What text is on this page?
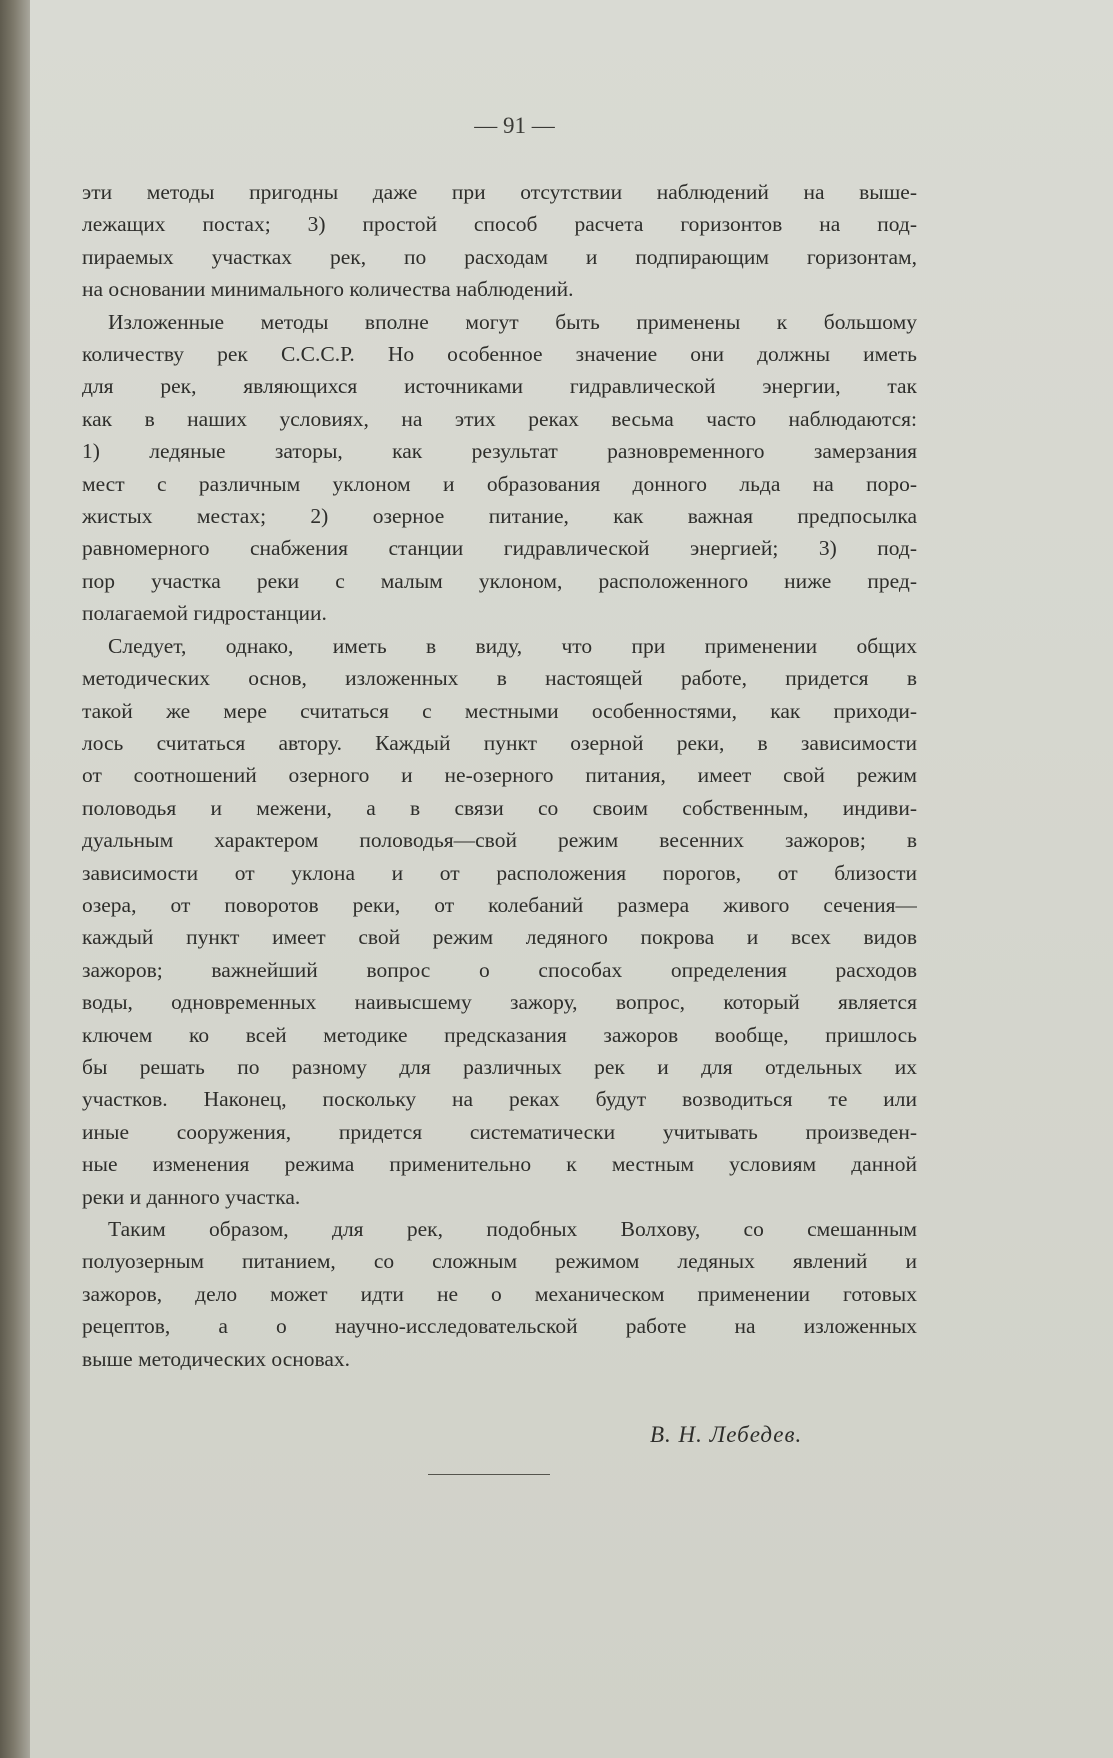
— 91 —

эти методы пригодны даже при отсутствии наблюдений на выше-
лежащих постах; 3) простой способ расчета горизонтов на под-
пираемых участках рек, по расходам и подпирающим горизонтам,
на основании минимального количества наблюдений.

Изложенные методы вполне могут быть применены к большому
количеству рек С.С.С.Р. Но особенное значение они должны иметь
для рек, являющихся источниками гидравлической энергии, так
как в наших условиях, на этих реках весьма часто наблюдаются:
1) ледяные заторы, как результат разновременного замерзания
мест с различным уклоном и образования донного льда на поро-
жистых местах; 2) озерное питание, как важная предпосылка
равномерного снабжения станции гидравлической энергией; 3) под-
пор участка реки с малым уклоном, расположенного ниже пред-
полагаемой гидростанции.

Следует, однако, иметь в виду, что при применении общих
методических основ, изложенных в настоящей работе, придется в
такой же мере считаться с местными особенностями, как приходи-
лось считаться автору. Каждый пункт озерной реки, в зависимости
от соотношений озерного и не-озерного питания, имеет свой режим
половодья и межени, а в связи со своим собственным, индиви-
дуальным характером половодья—свой режим весенних зажоров; в
зависимости от уклона и от расположения порогов, от близости
озера, от поворотов реки, от колебаний размера живого сечения—
каждый пункт имеет свой режим ледяного покрова и всех видов
зажоров; важнейший вопрос о способах определения расходов
воды, одновременных наивысшему зажору, вопрос, который является
ключем ко всей методике предсказания зажоров вообще, пришлось
бы решать по разному для различных рек и для отдельных их
участков. Наконец, поскольку на реках будут возводиться те или
иные сооружения, придется систематически учитывать произведен-
ные изменения режима применительно к местным условиям данной
реки и данного участка.

Таким образом, для рек, подобных Волхову, со смешанным
полуозерным питанием, со сложным режимом ледяных явлений и
зажоров, дело может идти не о механическом применении готовых
рецептов, а о научно-исследовательской работе на изложенных
выше методических основах.

В. Н. Лебедев.
